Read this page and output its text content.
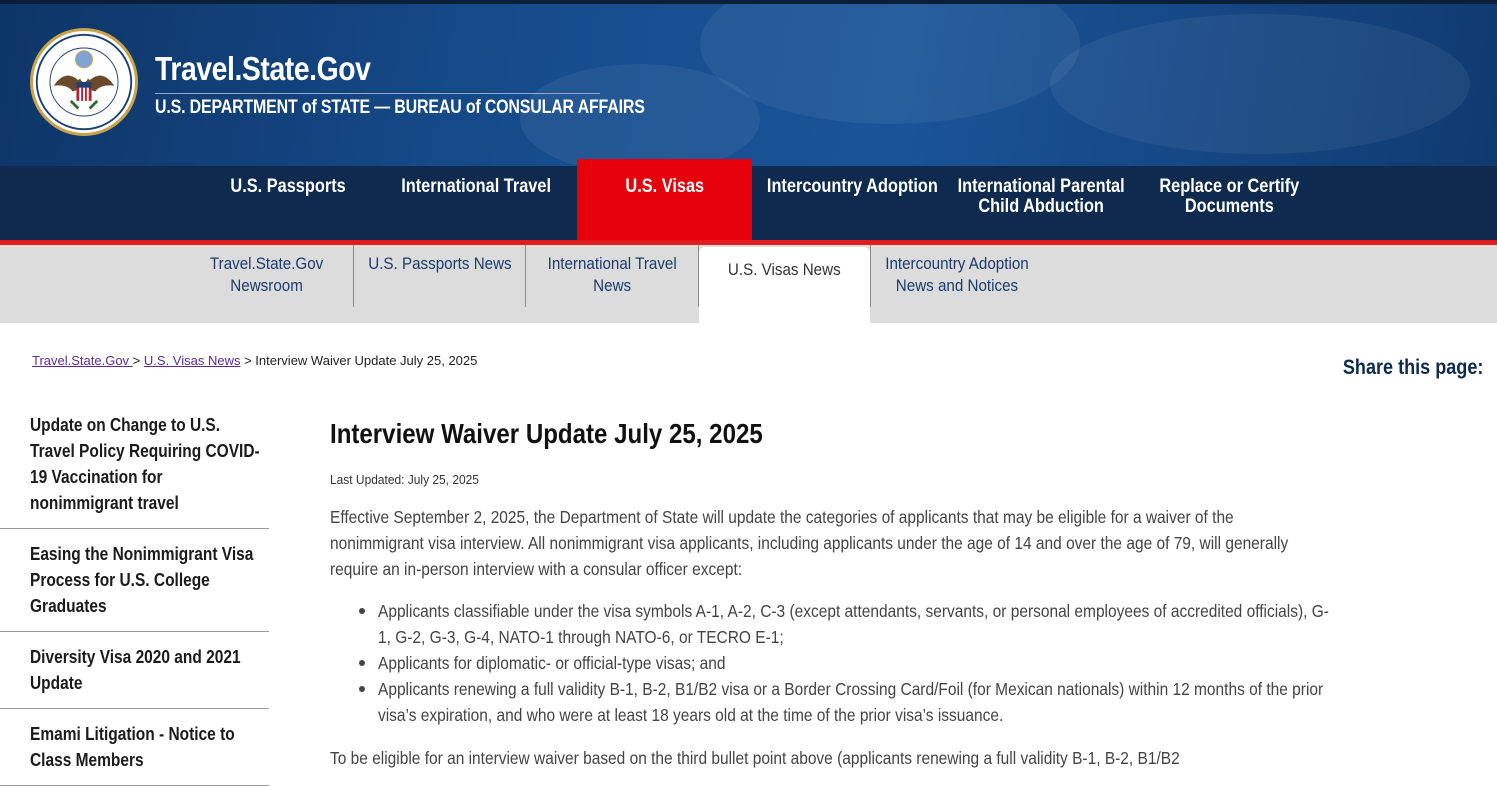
Travel.State.Gov
U.S. DEPARTMENT of STATE — BUREAU of CONSULAR AFFAIRS
U.S. Passports	International Travel	U.S. Visas	Intercountry Adoption International Parental
Child Abduction
Replace or Certify
Documents
Travel.State.Gov
Newsroom
U.S. Passports News International Travel
News
U.S. Visas News	Intercountry Adoption
News and Notices
Travel.State.Gov > U.S. Visas News > Interview Waiver Update July 25, 2025	Share this page:
Update on Change to U.S.
Travel Policy Requiring COVID-
19 Vaccination for
nonimmigrant travel
Easing the Nonimmigrant Visa
Process for U.S. College
Graduates
Diversity Visa 2020 and 2021
Update
Emami Litigation - Notice to
Class Members
Interview Waiver Update July 25, 2025
Last Updated: July 25, 2025

Effective September 2, 2025, the Department of State will update the categories of applicants that may be eligible for a waiver of the nonimmigrant visa interview. All nonimmigrant visa applicants, including applicants under the age of 14 and over the age of 79, will generally require an in-person interview with a consular officer except:

Applicants classifiable under the visa symbols A-1, A-2, C-3 (except attendants, servants, or personal employees of accredited officials), G-1, G-2, G-3, G-4, NATO-1 through NATO-6, or TECRO E-1;
Applicants for diplomatic- or official-type visas; and
Applicants renewing a full validity B-1, B-2, B1/B2 visa or a Border Crossing Card/Foil (for Mexican nationals) within 12 months of the prior visa’s expiration, and who were at least 18 years old at the time of the prior visa’s issuance.

To be eligible for an interview waiver based on the third bullet point above (applicants renewing a full validity B-1, B-2, B1/B2
